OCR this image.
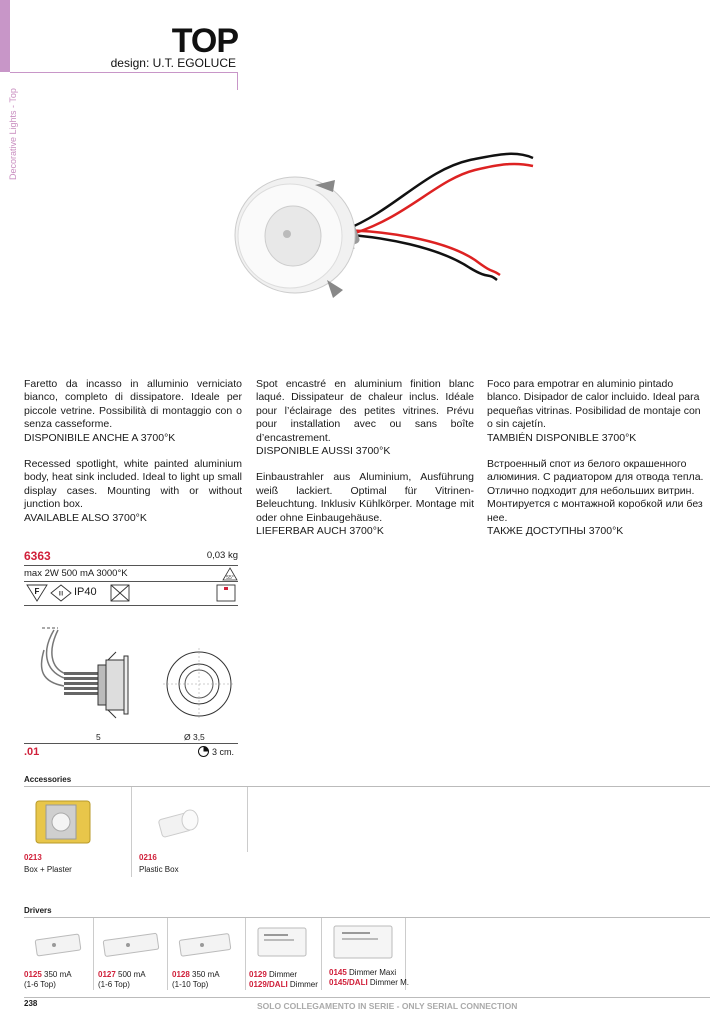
Decorative Lights - Top
TOP
design: U.T. EGOLUCE

Faretto da incasso in alluminio verniciato bianco, completo di dissipatore. Ideale per piccole vetrine. Possibilità di montaggio con o senza casseforme.
DISPONIBILE ANCHE A 3700°K

Recessed spotlight, white painted aluminium body, heat sink included. Ideal to light up small display cases. Mounting with or without junction box.
AVAILABLE ALSO 3700°K

Spot encastré en aluminium finition blanc laqué. Dissipateur de chaleur inclus. Idéale pour l’éclairage des petites vitrines. Prévu pour installation avec ou sans boîte d’encastrement.
DISPONIBLE AUSSI 3700°K

Einbaustrahler aus Aluminium, Ausführung weiß lackiert. Optimal für Vitrinen-Beleuchtung. Inklusiv Kühlkörper. Montage mit oder ohne Einbaugehäuse.
LIEFERBAR AUCH 3700°K

Foco para empotrar en aluminio pintado blanco. Disipador de calor incluido. Ideal para pequeñas vitrinas. Posibilidad de montaje con o sin cajetín.
TAMBIÉN DISPONIBLE 3700°K

Встроенный спот из белого окрашенного алюминия. С радиатором для отвода тепла. Отлично подходит для небольших витрин. Монтируется с монтажной коробкой или без нее.
ТАКЖЕ ДОСТУПНЫ 3700°K

6363	0,03 kg
max 2W 500 mA 3000°K	55°
F	III IP40
5	Ø 3,5
.01	3 cm.
Accessories
0213
Box + Plaster
0216
Plastic Box
Drivers
0125 350 mA
(1-6 Top)
0127 500 mA
(1-6 Top)
0128 350 mA
(1-10 Top)
0129 Dimmer
0129/DALI Dimmer
0145 Dimmer Maxi
0145/DALI Dimmer M.
238	SOLO COLLEGAMENTO IN SERIE - ONLY SERIAL CONNECTION
